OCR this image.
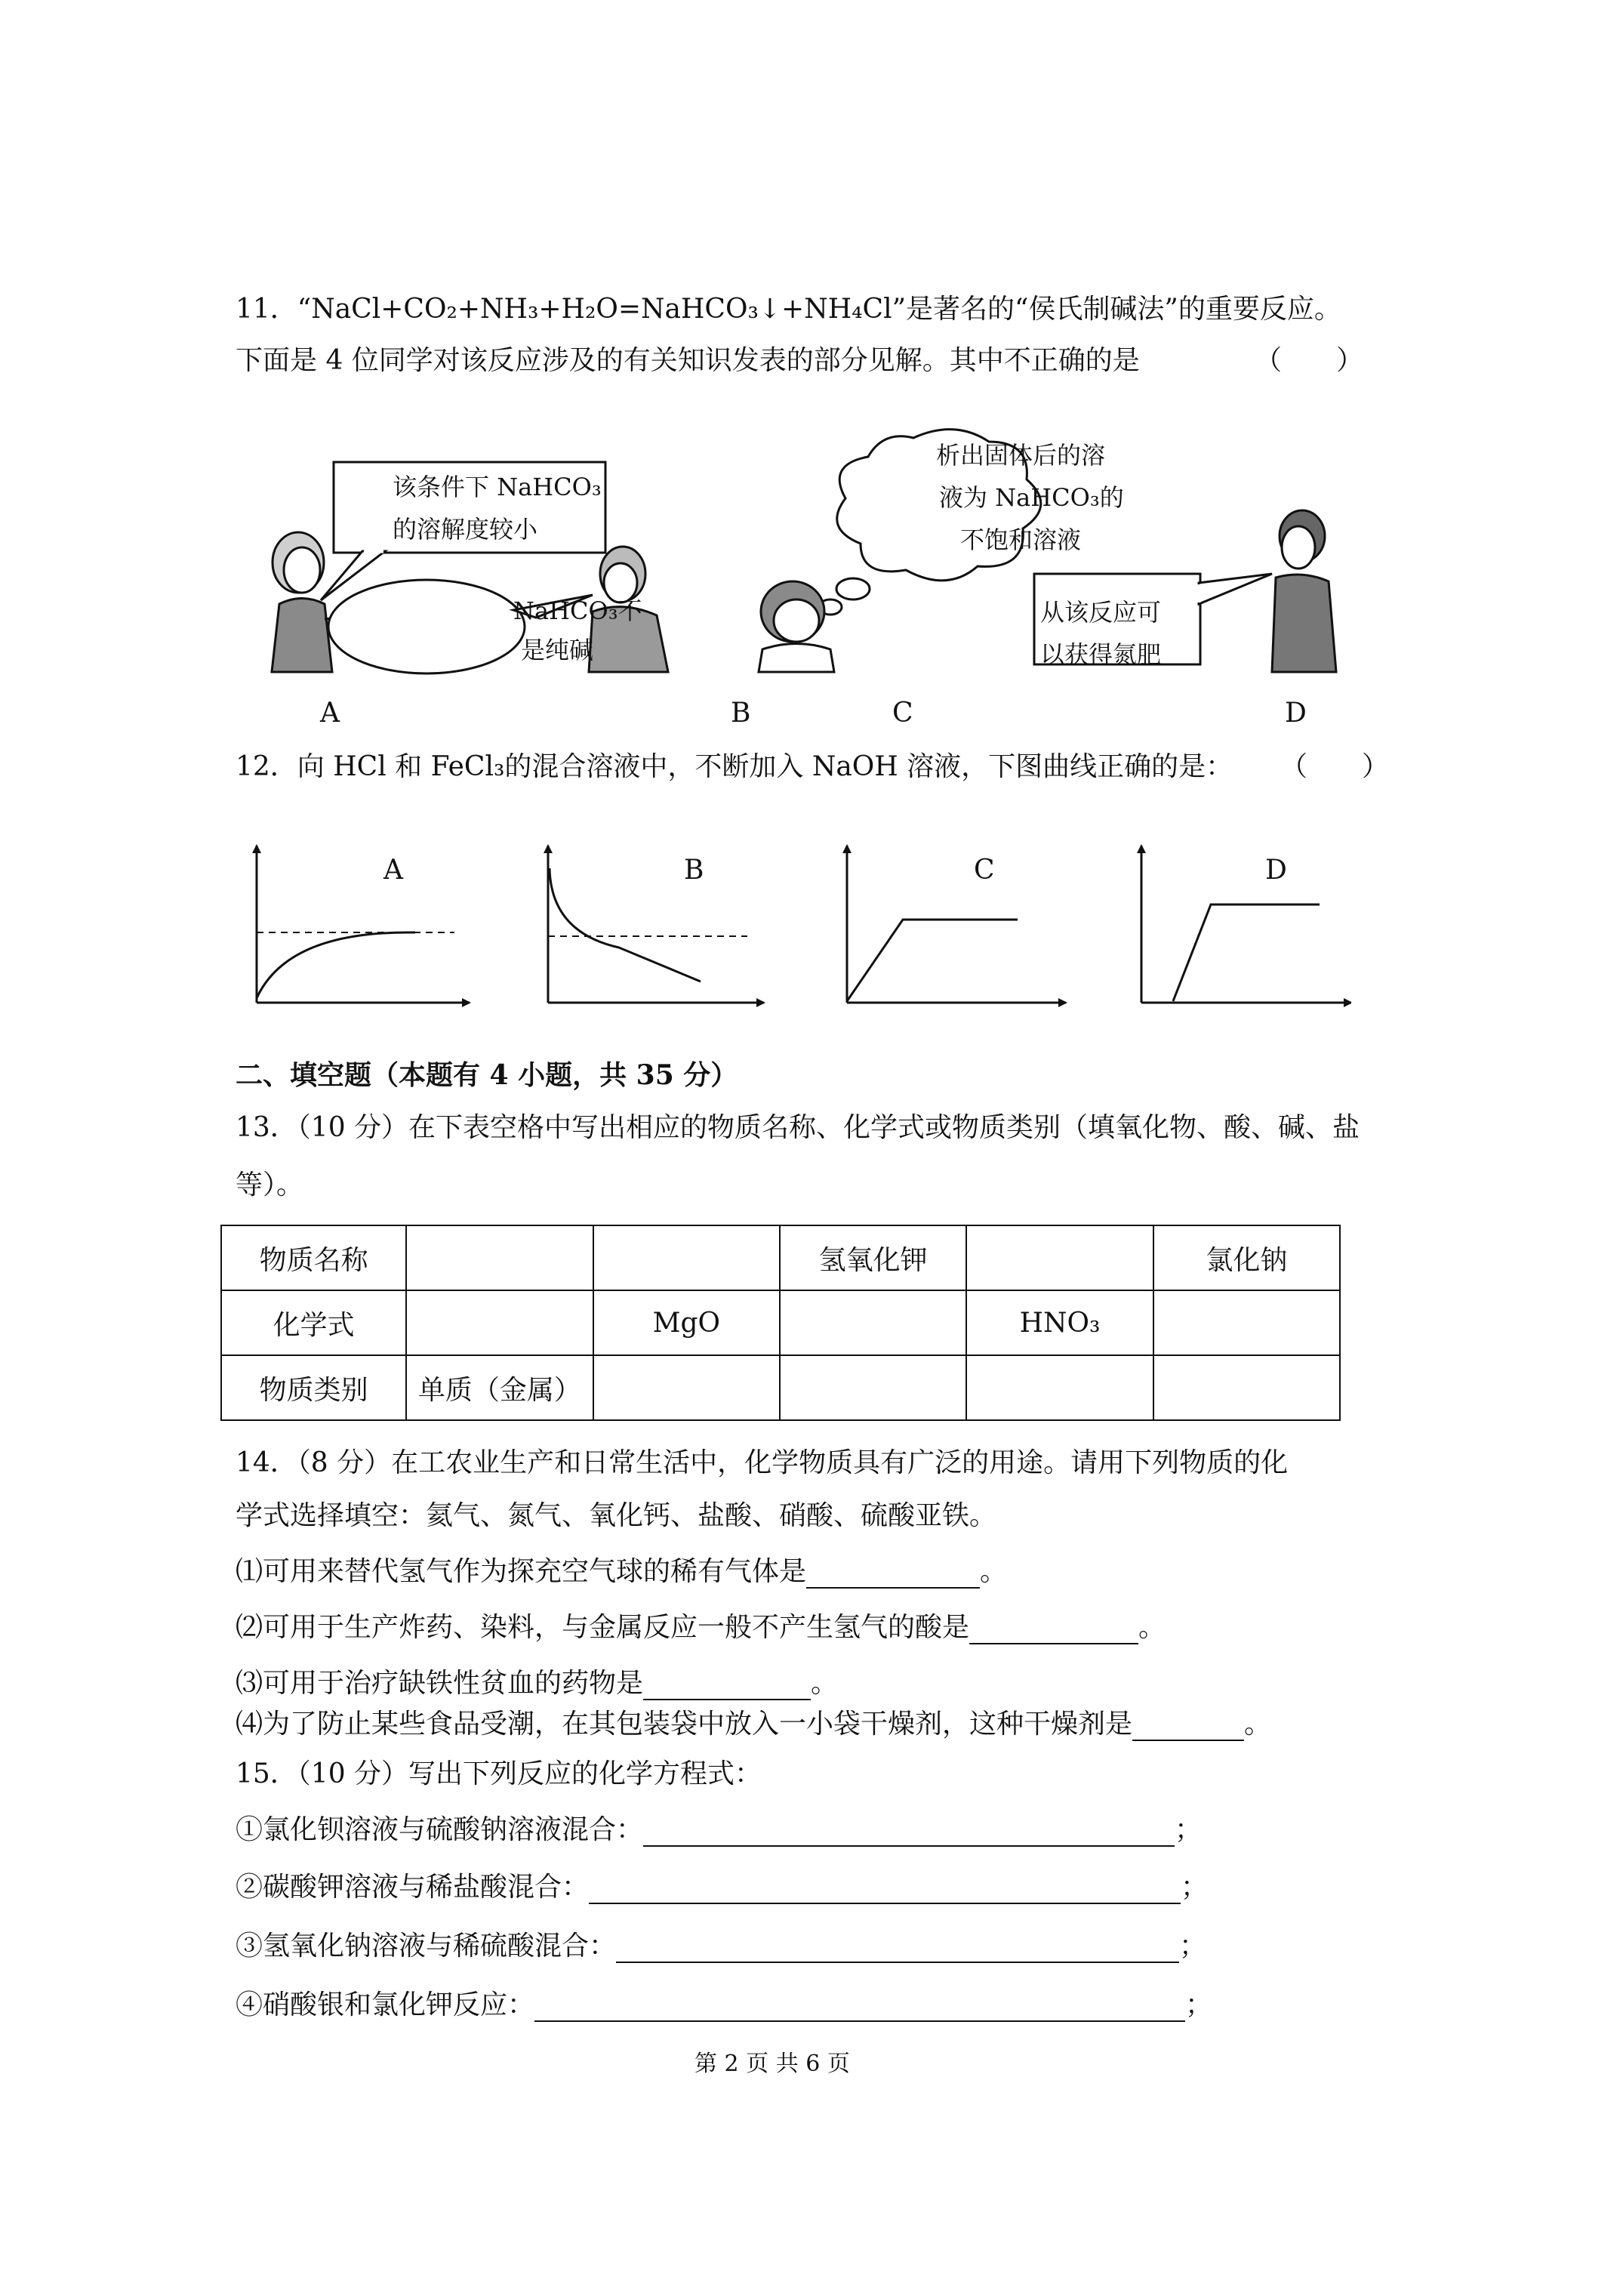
11．“NaCl+CO₂+NH₃+H₂O=NaHCO₃↓+NH₄Cl”是著名的“侯氏制碱法”的重要反应。
下面是 4 位同学对该反应涉及的有关知识发表的部分见解。其中不正确的是	（　　）
该条件下 NaHCO₃
的溶解度较小
NaHCO₃不
是纯碱
析出固体后的溶
液为 NaHCO₃的
不饱和溶液
从该反应可
以获得氮肥
A	B	C	D
12．向 HCl 和 FeCl₃的混合溶液中，不断加入 NaOH 溶液，下图曲线正确的是： （　　）
A	B	C	D
二、填空题（本题有 4 小题，共 35 分）
13．（10 分）在下表空格中写出相应的物质名称、化学式或物质类别（填氧化物、酸、碱、盐
等）。
物质名称			氢氧化钾		氯化钠
化学式		MgO		HNO₃	
物质类别	单质（金属）				
14．（8 分）在工农业生产和日常生活中，化学物质具有广泛的用途。请用下列物质的化
学式选择填空：氦气、氮气、氧化钙、盐酸、硝酸、硫酸亚铁。
⑴可用来替代氢气作为探充空气球的稀有气体是	。
⑵可用于生产炸药、染料，与金属反应一般不产生氢气的酸是	。
⑶可用于治疗缺铁性贫血的药物是	。
⑷为了防止某些食品受潮，在其包装袋中放入一小袋干燥剂，这种干燥剂是	。
15．（10 分）写出下列反应的化学方程式：
①氯化钡溶液与硫酸钠溶液混合：	；
②碳酸钾溶液与稀盐酸混合：	；
③氢氧化钠溶液与稀硫酸混合：	；
④硝酸银和氯化钾反应：	；
第 2 页 共 6 页
